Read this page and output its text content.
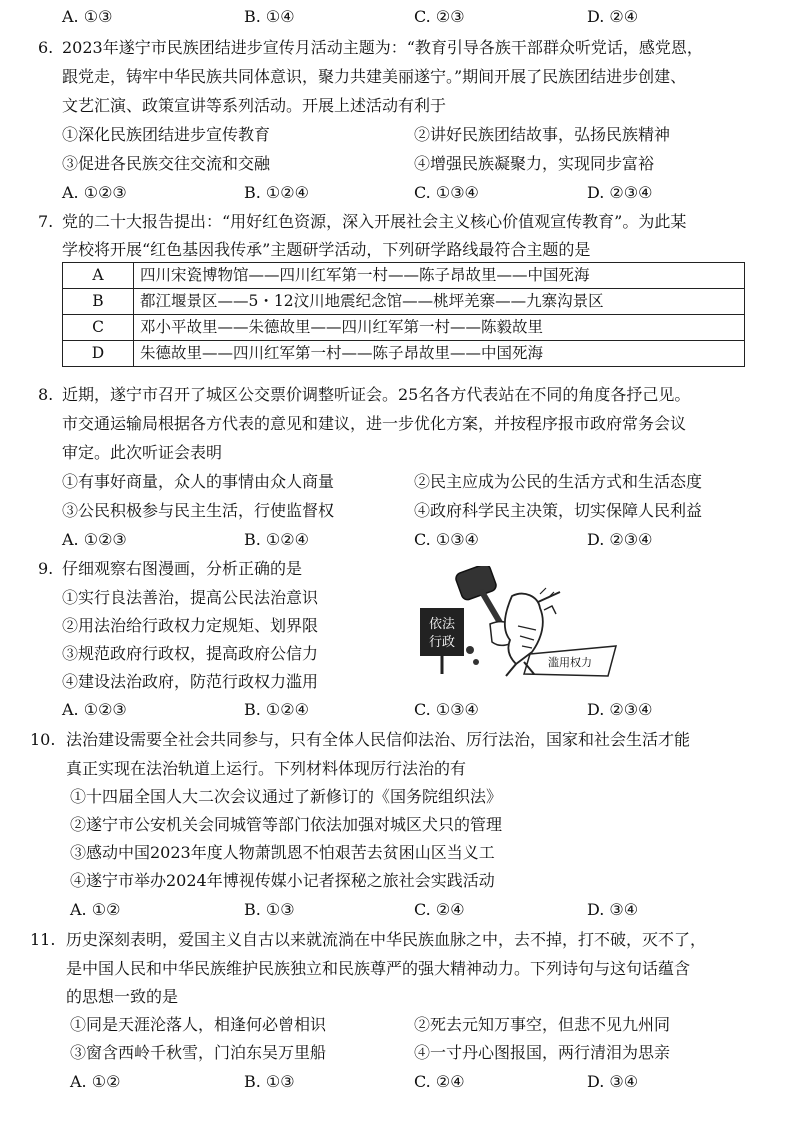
A. ①③	B. ①④	C. ②③	D. ②④
6. 2023年遂宁市民族团结进步宣传月活动主题为：“教育引导各族干部群众听党话，感党恩，
跟党走，铸牢中华民族共同体意识，聚力共建美丽遂宁。”期间开展了民族团结进步创建、
文艺汇演、政策宣讲等系列活动。开展上述活动有利于
①深化民族团结进步宣传教育	②讲好民族团结故事，弘扬民族精神
③促进各民族交往交流和交融	④增强民族凝聚力，实现同步富裕
A. ①②③	B. ①②④	C. ①③④	D. ②③④
7. 党的二十大报告提出：“用好红色资源，深入开展社会主义核心价值观宣传教育”。为此某
学校将开展“红色基因我传承”主题研学活动，下列研学路线最符合主题的是
A	四川宋瓷博物馆——四川红军第一村——陈子昂故里——中国死海
B	都江堰景区——5・12汶川地震纪念馆——桃坪羌寨——九寨沟景区
C	邓小平故里——朱德故里——四川红军第一村——陈毅故里
D	朱德故里——四川红军第一村——陈子昂故里——中国死海
8. 近期，遂宁市召开了城区公交票价调整听证会。25名各方代表站在不同的角度各抒己见。
市交通运输局根据各方代表的意见和建议，进一步优化方案，并按程序报市政府常务会议
审定。此次听证会表明
①有事好商量，众人的事情由众人商量	②民主应成为公民的生活方式和生活态度
③公民积极参与民主生活，行使监督权	④政府科学民主决策，切实保障人民利益
A. ①②③	B. ①②④	C. ①③④	D. ②③④
9. 仔细观察右图漫画，分析正确的是
①实行良法善治，提高公民法治意识
②用法治给行政权力定规矩、划界限
③规范政府行政权，提高政府公信力
④建设法治政府，防范行政权力滥用
依法
行政
滥用权力
A. ①②③	B. ①②④	C. ①③④	D. ②③④
10. 法治建设需要全社会共同参与，只有全体人民信仰法治、厉行法治，国家和社会生活才能
真正实现在法治轨道上运行。下列材料体现厉行法治的有
①十四届全国人大二次会议通过了新修订的《国务院组织法》
②遂宁市公安机关会同城管等部门依法加强对城区犬只的管理
③感动中国2023年度人物萧凯恩不怕艰苦去贫困山区当义工
④遂宁市举办2024年博视传媒小记者探秘之旅社会实践活动
A. ①②	B. ①③	C. ②④	D. ③④
11. 历史深刻表明，爱国主义自古以来就流淌在中华民族血脉之中，去不掉，打不破，灭不了，
是中国人民和中华民族维护民族独立和民族尊严的强大精神动力。下列诗句与这句话蕴含
的思想一致的是
①同是天涯沦落人，相逢何必曾相识	②死去元知万事空，但悲不见九州同
③窗含西岭千秋雪，门泊东吴万里船	④一寸丹心图报国，两行清泪为思亲
A. ①②	B. ①③	C. ②④	D. ③④
